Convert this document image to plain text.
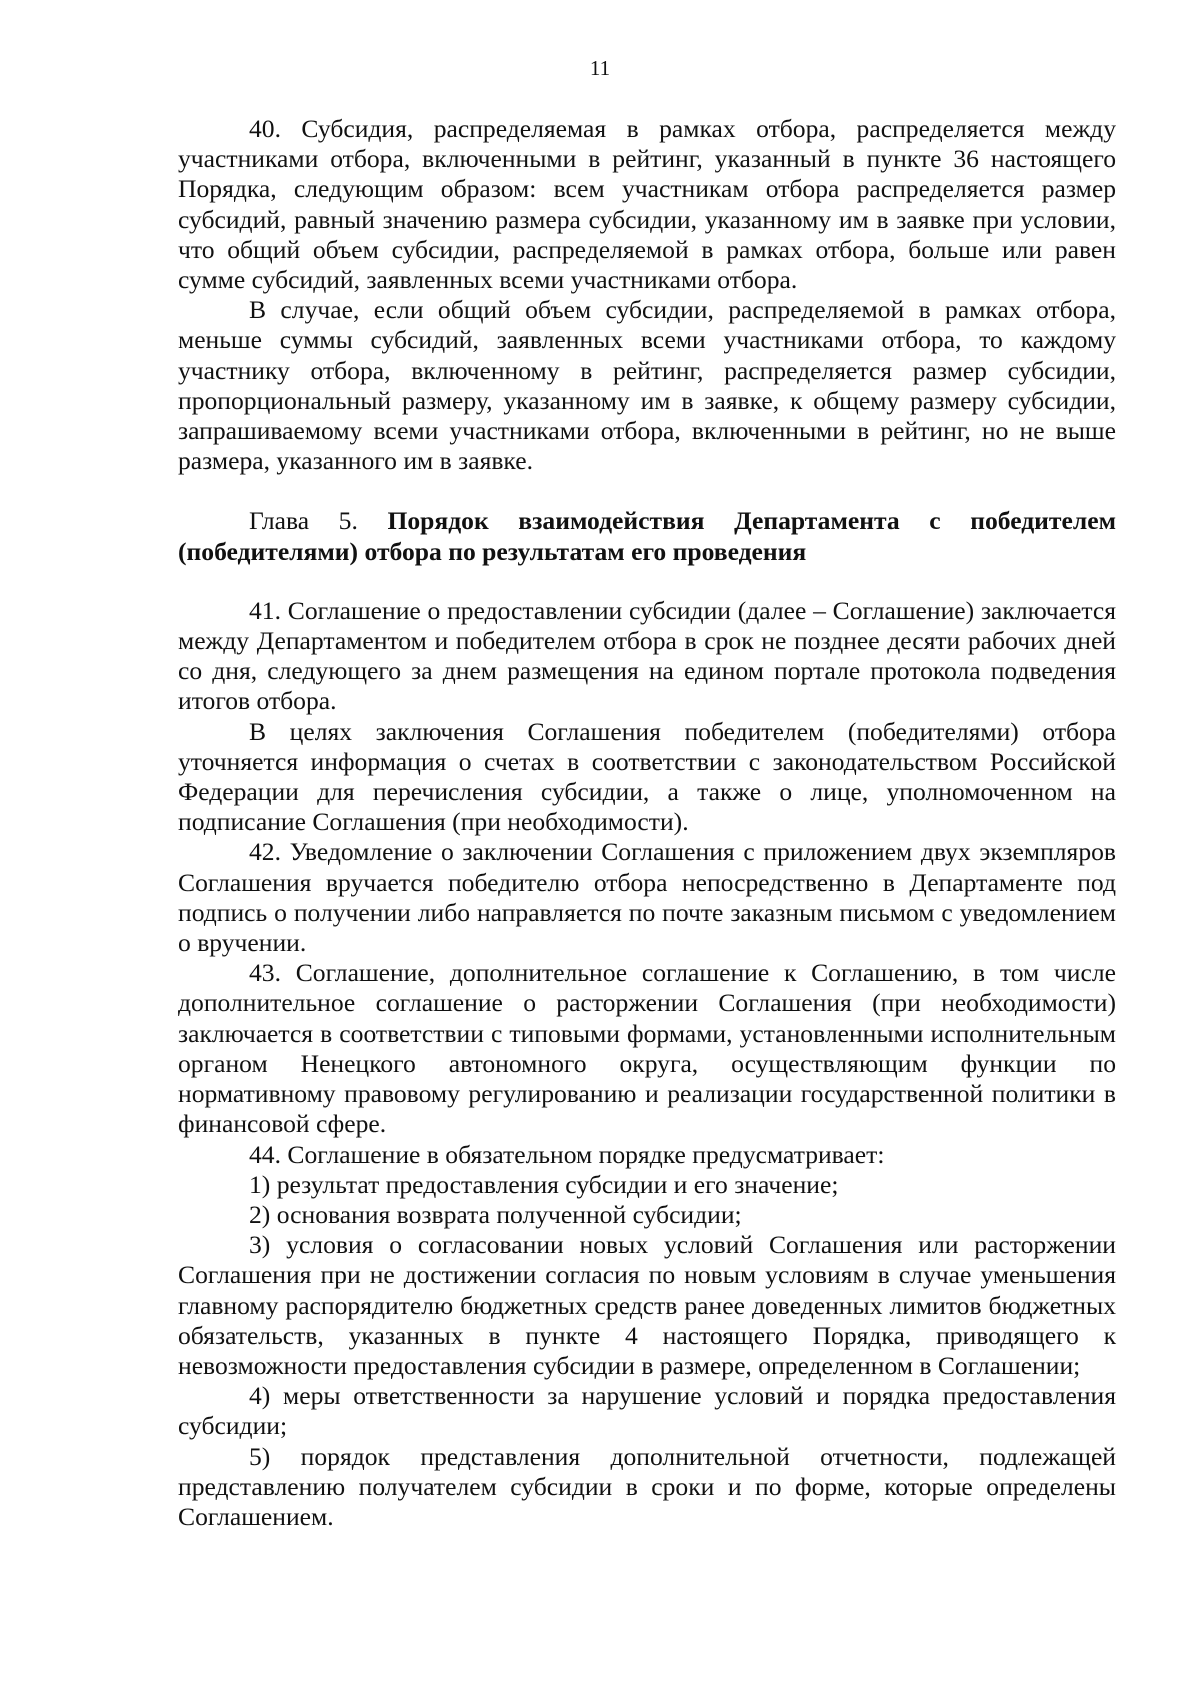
11

40. Субсидия, распределяемая в рамках отбора, распределяется между участниками отбора, включенными в рейтинг, указанный в пункте 36 настоящего Порядка, следующим образом: всем участникам отбора распределяется размер субсидий, равный значению размера субсидии, указанному им в заявке при условии, что общий объем субсидии, распределяемой в рамках отбора, больше или равен сумме субсидий, заявленных всеми участниками отбора.

В случае, если общий объем субсидии, распределяемой в рамках отбора, меньше суммы субсидий, заявленных всеми участниками отбора, то каждому участнику отбора, включенному в рейтинг, распределяется размер субсидии, пропорциональный размеру, указанному им в заявке, к общему размеру субсидии, запрашиваемому всеми участниками отбора, включенными в рейтинг, но не выше размера, указанного им в заявке.

Глава 5. Порядок взаимодействия Департамента с победителем (победителями) отбора по результатам его проведения

41. Соглашение о предоставлении субсидии (далее – Соглашение) заключается между Департаментом и победителем отбора в срок не позднее десяти рабочих дней со дня, следующего за днем размещения на едином портале протокола подведения итогов отбора.

В целях заключения Соглашения победителем (победителями) отбора уточняется информация о счетах в соответствии с законодательством Российской Федерации для перечисления субсидии, а также о лице, уполномоченном на подписание Соглашения (при необходимости).

42. Уведомление о заключении Соглашения с приложением двух экземпляров Соглашения вручается победителю отбора непосредственно в Департаменте под подпись о получении либо направляется по почте заказным письмом с уведомлением о вручении.

43. Соглашение, дополнительное соглашение к Соглашению, в том числе дополнительное соглашение о расторжении Соглашения (при необходимости) заключается в соответствии с типовыми формами, установленными исполнительным органом Ненецкого автономного округа, осуществляющим функции по нормативному правовому регулированию и реализации государственной политики в финансовой сфере.

44. Соглашение в обязательном порядке предусматривает:

1) результат предоставления субсидии и его значение;

2) основания возврата полученной субсидии;

3) условия о согласовании новых условий Соглашения или расторжении Соглашения при не достижении согласия по новым условиям в случае уменьшения главному распорядителю бюджетных средств ранее доведенных лимитов бюджетных обязательств, указанных в пункте 4 настоящего Порядка, приводящего к невозможности предоставления субсидии в размере, определенном в Соглашении;

4) меры ответственности за нарушение условий и порядка предоставления субсидии;

5) порядок представления дополнительной отчетности, подлежащей представлению получателем субсидии в сроки и по форме, которые определены Соглашением.
